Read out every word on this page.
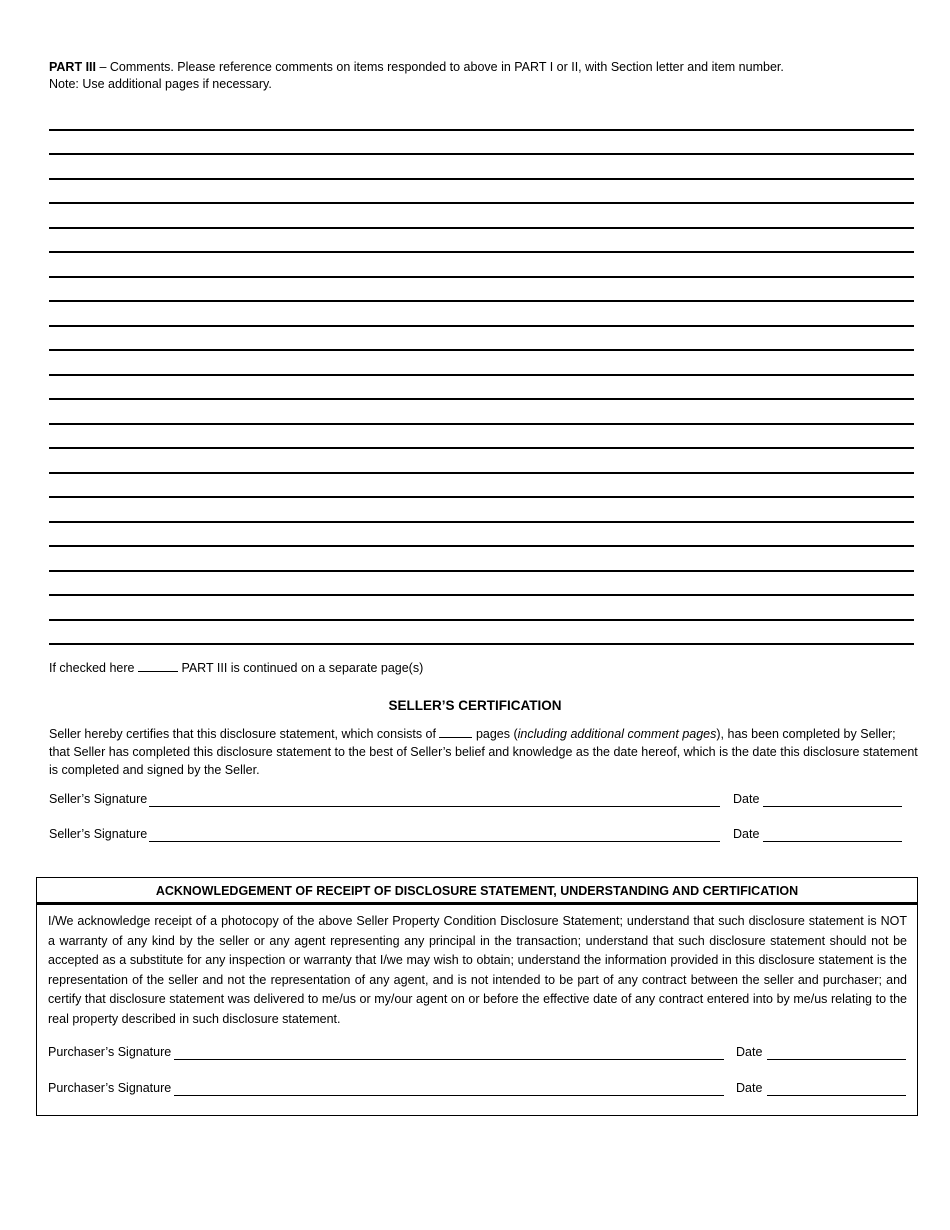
PART III – Comments. Please reference comments on items responded to above in PART I or II, with Section letter and item number.
Note: Use additional pages if necessary.
If checked here	PART III is continued on a separate page(s)
SELLER’S CERTIFICATION
Seller hereby certifies that this disclosure statement, which consists of	pages (including additional comment pages), has been completed by Seller; that Seller has completed this disclosure statement to the best of Seller’s belief and knowledge as the date hereof, which is the date this disclosure statement is completed and signed by the Seller.
Seller’s Signature	Date
Seller’s Signature	Date
ACKNOWLEDGEMENT OF RECEIPT OF DISCLOSURE STATEMENT, UNDERSTANDING AND CERTIFICATION
I/We acknowledge receipt of a photocopy of the above Seller Property Condition Disclosure Statement; understand that such disclosure statement is NOT a warranty of any kind by the seller or any agent representing any principal in the transaction; understand that such disclosure statement should not be accepted as a substitute for any inspection or warranty that I/we may wish to obtain; understand the information provided in this disclosure statement is the representation of the seller and not the representation of any agent, and is not intended to be part of any contract between the seller and purchaser; and certify that disclosure statement was delivered to me/us or my/our agent on or before the effective date of any contract entered into by me/us relating to the real property described in such disclosure statement.
Purchaser’s Signature	Date
Purchaser’s Signature	Date
